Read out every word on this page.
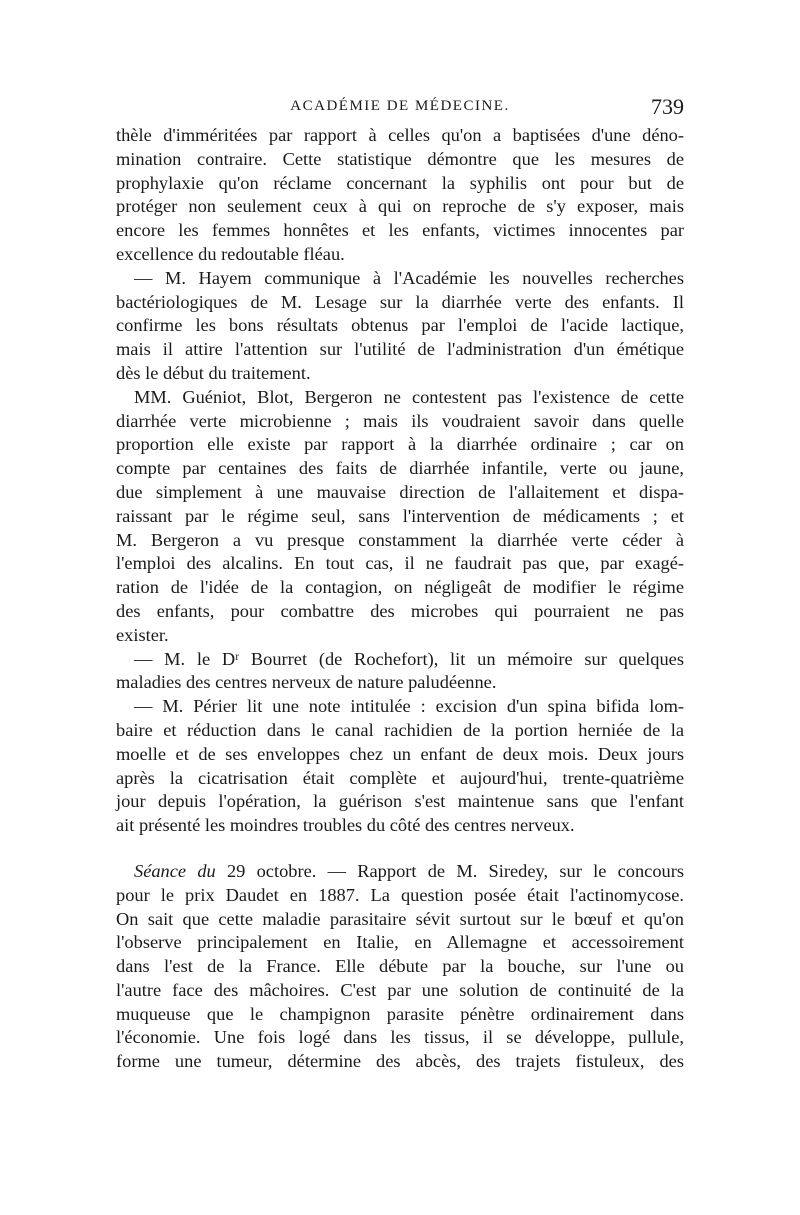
ACADÉMIE DE MÉDECINE.	739
thèle d'imméritées par rapport à celles qu'on a baptisées d'une déno-
mination contraire. Cette statistique démontre que les mesures de
prophylaxie qu'on réclame concernant la syphilis ont pour but de
protéger non seulement ceux à qui on reproche de s'y exposer, mais
encore les femmes honnêtes et les enfants, victimes innocentes par
excellence du redoutable fléau.
— M. Hayem communique à l'Académie les nouvelles recherches
bactériologiques de M. Lesage sur la diarrhée verte des enfants. Il
confirme les bons résultats obtenus par l'emploi de l'acide lactique,
mais il attire l'attention sur l'utilité de l'administration d'un émétique
dès le début du traitement.
MM. Guéniot, Blot, Bergeron ne contestent pas l'existence de cette
diarrhée verte microbienne ; mais ils voudraient savoir dans quelle
proportion elle existe par rapport à la diarrhée ordinaire ; car on
compte par centaines des faits de diarrhée infantile, verte ou jaune,
due simplement à une mauvaise direction de l'allaitement et dispa-
raissant par le régime seul, sans l'intervention de médicaments ; et
M. Bergeron a vu presque constamment la diarrhée verte céder à
l'emploi des alcalins. En tout cas, il ne faudrait pas que, par exagé-
ration de l'idée de la contagion, on négligeât de modifier le régime
des enfants, pour combattre des microbes qui pourraient ne pas
exister.
— M. le Dʳ Bourret (de Rochefort), lit un mémoire sur quelques
maladies des centres nerveux de nature paludéenne.
— M. Périer lit une note intitulée : excision d'un spina bifida lom-
baire et réduction dans le canal rachidien de la portion herniée de la
moelle et de ses enveloppes chez un enfant de deux mois. Deux jours
après la cicatrisation était complète et aujourd'hui, trente-quatrième
jour depuis l'opération, la guérison s'est maintenue sans que l'enfant
ait présenté les moindres troubles du côté des centres nerveux.
Séance du 29 octobre. — Rapport de M. Siredey, sur le concours
pour le prix Daudet en 1887. La question posée était l'actinomycose.
On sait que cette maladie parasitaire sévit surtout sur le bœuf et qu'on
l'observe principalement en Italie, en Allemagne et accessoirement
dans l'est de la France. Elle débute par la bouche, sur l'une ou
l'autre face des mâchoires. C'est par une solution de continuité de la
muqueuse que le champignon parasite pénètre ordinairement dans
l'économie. Une fois logé dans les tissus, il se développe, pullule,
forme une tumeur, détermine des abcès, des trajets fistuleux, des
